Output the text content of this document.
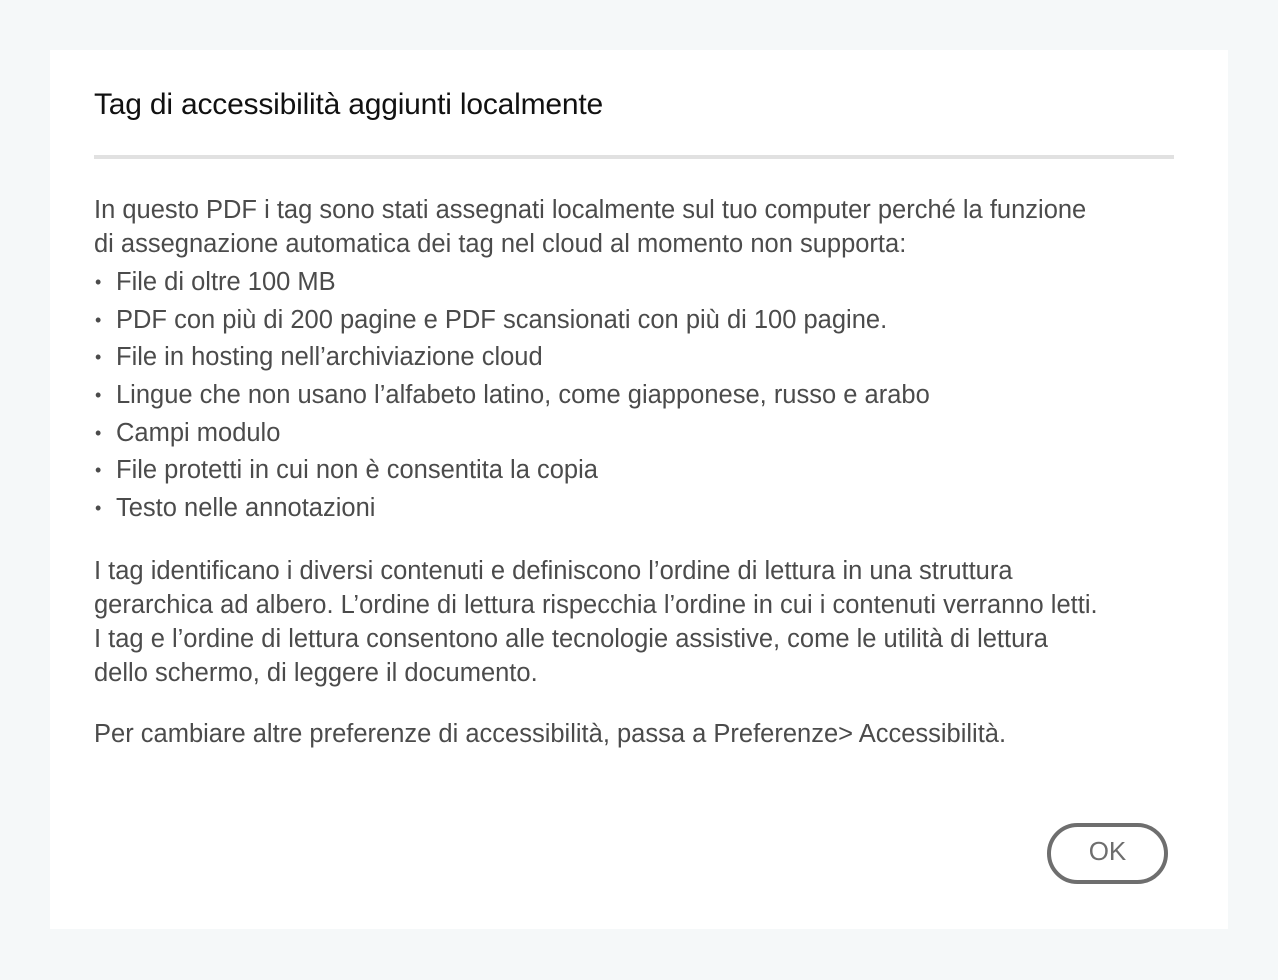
Tag di accessibilità aggiunti localmente
In questo PDF i tag sono stati assegnati localmente sul tuo computer perché la funzione
di assegnazione automatica dei tag nel cloud al momento non supporta:
• File di oltre 100 MB
• PDF con più di 200 pagine e PDF scansionati con più di 100 pagine.
• File in hosting nell’archiviazione cloud
• Lingue che non usano l’alfabeto latino, come giapponese, russo e arabo
• Campi modulo
• File protetti in cui non è consentita la copia
• Testo nelle annotazioni
I tag identificano i diversi contenuti e definiscono l’ordine di lettura in una struttura
gerarchica ad albero. L’ordine di lettura rispecchia l’ordine in cui i contenuti verranno letti.
I tag e l’ordine di lettura consentono alle tecnologie assistive, come le utilità di lettura
dello schermo, di leggere il documento.
Per cambiare altre preferenze di accessibilità, passa a Preferenze> Accessibilità.
OK
